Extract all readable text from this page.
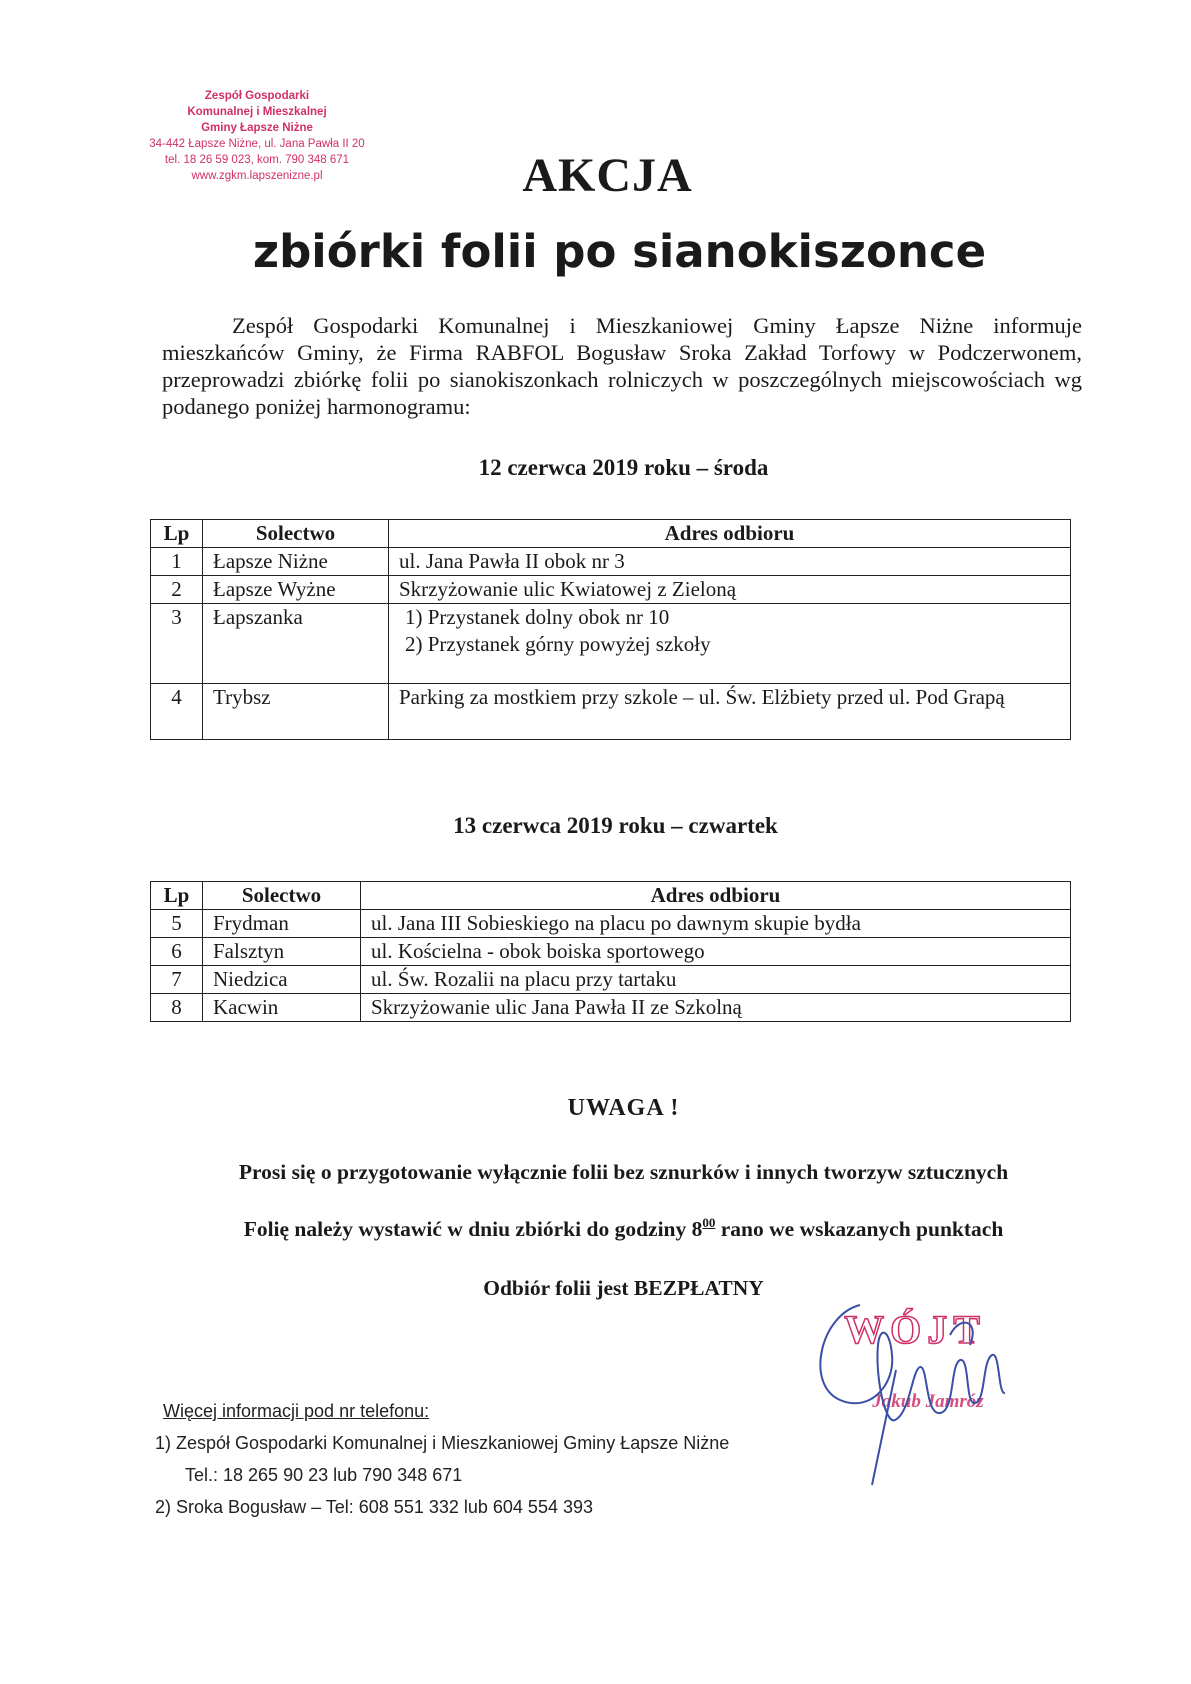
Zespół Gospodarki
Komunalnej i Mieszkalnej
Gminy Łapsze Niżne
34-442 Łapsze Niżne, ul. Jana Pawła II 20
tel. 18 26 59 023, kom. 790 348 671
www.zgkm.lapszenizne.pl	AKCJA
zbiórki folii po sianokiszonce

Zespół Gospodarki Komunalnej i Mieszkaniowej Gminy Łapsze Niżne informuje mieszkańców Gminy, że Firma RABFOL Bogusław Sroka Zakład Torfowy w Podczerwonem, przeprowadzi zbiórkę folii po sianokiszonkach rolniczych w poszczególnych miejscowościach wg podanego poniżej harmonogramu:

12 czerwca 2019 roku – środa
Lp	Solectwo	Adres odbioru
1	Łapsze Niżne	ul. Jana Pawła II obok nr 3
2	Łapsze Wyżne	Skrzyżowanie ulic Kwiatowej z Zieloną
3	Łapszanka	1) Przystanek dolny obok nr 10
2) Przystanek górny powyżej szkoły

4	Trybsz	Parking za mostkiem przy szkole – ul. Św. Elżbiety przed ul. Pod Grapą
13 czerwca 2019 roku – czwartek
Lp	Solectwo	Adres odbioru
5	Frydman	ul. Jana III Sobieskiego na placu po dawnym skupie bydła
6	Falsztyn	ul. Kościelna - obok boiska sportowego
7	Niedzica	ul. Św. Rozalii na placu przy tartaku
8	Kacwin	Skrzyżowanie ulic Jana Pawła II ze Szkolną
UWAGA !
Prosi się o przygotowanie wyłącznie folii bez sznurków i innych tworzyw sztucznych
Folię należy wystawić w dniu zbiórki do godziny $8^{00}$ rano we wskazanych punktach
Odbiór folii jest BEZPŁATNY
Więcej informacji pod nr telefonu:
1) Zespół Gospodarki Komunalnej i Mieszkaniowej Gminy Łapsze Niżne
Tel.: 18 265 90 23 lub 790 348 671
2) Sroka Bogusław – Tel: 608 551 332 lub 604 554 393
WÓJT
Jakub Jamróz
